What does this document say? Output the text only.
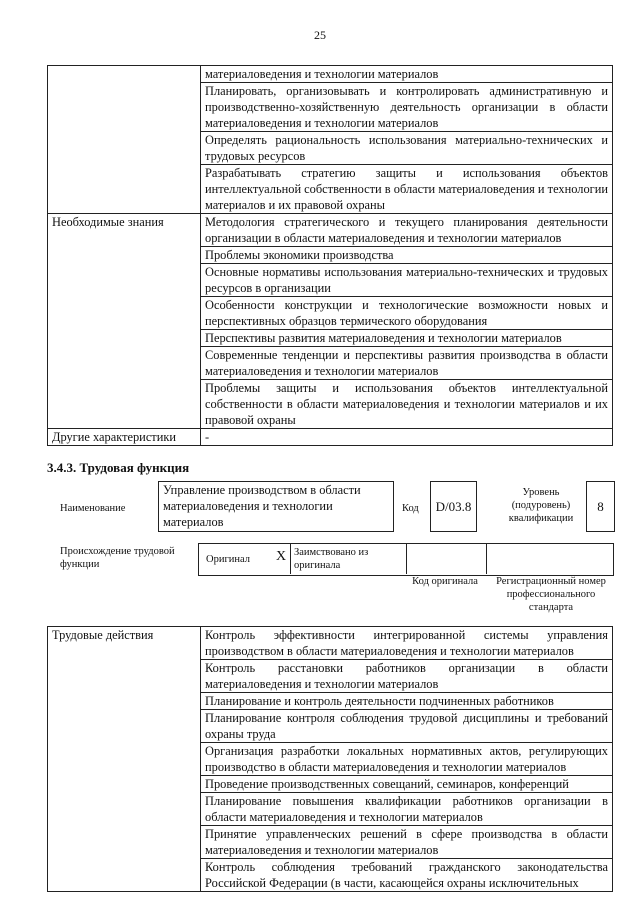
25
	материаловедения и технологии материалов
	Планировать, организовывать и контролировать административную и производственно-хозяйственную деятельность организации в области материаловедения и технологии материалов
	Определять рациональность использования материально-технических и трудовых ресурсов
	Разрабатывать стратегию защиты и использования объектов интеллектуальной собственности в области материаловедения и технологии материалов и их правовой охраны
Необходимые знания	Методология стратегического и текущего планирования деятельности организации в области материаловедения и технологии материалов
	Проблемы экономики производства
	Основные нормативы использования материально-технических и трудовых ресурсов в организации
	Особенности конструкции и технологические возможности новых и перспективных образцов термического оборудования
	Перспективы развития материаловедения и технологии материалов
	Современные тенденции и перспективы развития производства в области материаловедения и технологии материалов
	Проблемы защиты и использования объектов интеллектуальной собственности в области материаловедения и технологии материалов и их правовой охраны
Другие характеристики	-
3.4.3. Трудовая функция
Наименование
Управление производством в области материаловедения и технологии материалов
Код	D/03.8
Уровень (подуровень) квалификации
8
Происхождение трудовой функции	Оригинал X Заимствовано из оригинала
Код оригинала	Регистрационный номер профессионального стандарта
Трудовые действия	Контроль эффективности интегрированной системы управления производством в области материаловедения и технологии материалов
Контроль расстановки работников организации в области материаловедения и технологии материалов
Планирование и контроль деятельности подчиненных работников
Планирование контроля соблюдения трудовой дисциплины и требований охраны труда
Организация разработки локальных нормативных актов, регулирующих производство в области материаловедения и технологии материалов
Проведение производственных совещаний, семинаров, конференций
Планирование повышения квалификации работников организации в области материаловедения и технологии материалов
Принятие управленческих решений в сфере производства в области материаловедения и технологии материалов
Контроль соблюдения требований гражданского законодательства Российской Федерации (в части, касающейся охраны исключительных
